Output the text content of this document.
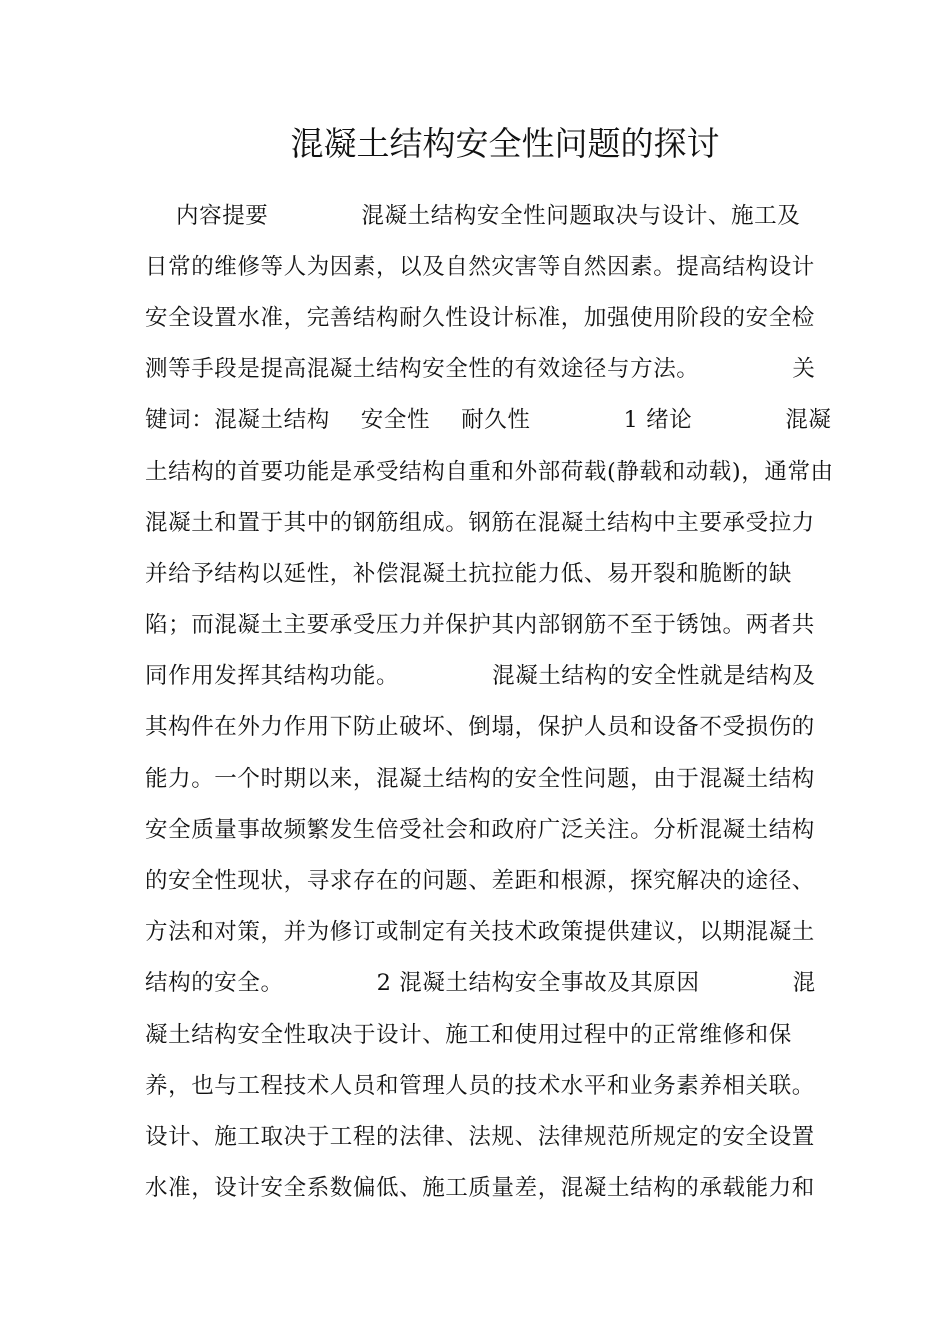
混凝土结构安全性问题的探讨
内容提要            混凝土结构安全性问题取决与设计、施工及
日常的维修等人为因素，以及自然灾害等自然因素。提高结构设计
安全设置水准，完善结构耐久性设计标准，加强使用阶段的安全检
测等手段是提高混凝土结构安全性的有效途径与方法。            关
键词：混凝土结构    安全性    耐久性            1 绪论            混凝
土结构的首要功能是承受结构自重和外部荷载(静载和动载)，通常由
混凝土和置于其中的钢筋组成。钢筋在混凝土结构中主要承受拉力
并给予结构以延性，补偿混凝土抗拉能力低、易开裂和脆断的缺
陷；而混凝土主要承受压力并保护其内部钢筋不至于锈蚀。两者共
同作用发挥其结构功能。            混凝土结构的安全性就是结构及
其构件在外力作用下防止破坏、倒塌，保护人员和设备不受损伤的
能力。一个时期以来，混凝土结构的安全性问题，由于混凝土结构
安全质量事故频繁发生倍受社会和政府广泛关注。分析混凝土结构
的安全性现状，寻求存在的问题、差距和根源，探究解决的途径、
方法和对策，并为修订或制定有关技术政策提供建议，以期混凝土
结构的安全。            2 混凝土结构安全事故及其原因            混
凝土结构安全性取决于设计、施工和使用过程中的正常维修和保
养，也与工程技术人员和管理人员的技术水平和业务素养相关联。
设计、施工取决于工程的法律、法规、法律规范所规定的安全设置
水准，设计安全系数偏低、施工质量差，混凝土结构的承载能力和
